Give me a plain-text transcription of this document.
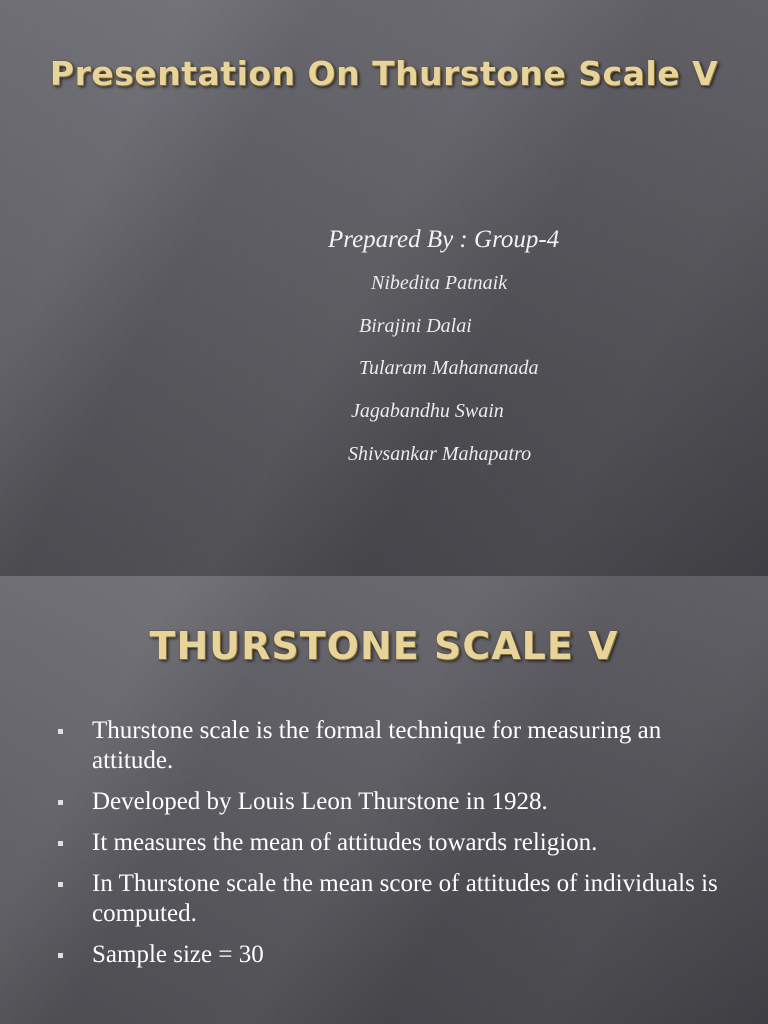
Presentation On Thurstone Scale V
Prepared By : Group-4
Nibedita Patnaik
Birajini Dalai
Tularam Mahananada
Jagabandhu Swain
Shivsankar Mahapatro
THURSTONE SCALE V
Thurstone scale is the formal technique for measuring an attitude.
Developed by Louis Leon Thurstone in 1928.
It measures the mean of attitudes towards religion.
In Thurstone scale the mean score of attitudes of individuals is computed.
Sample size = 30
